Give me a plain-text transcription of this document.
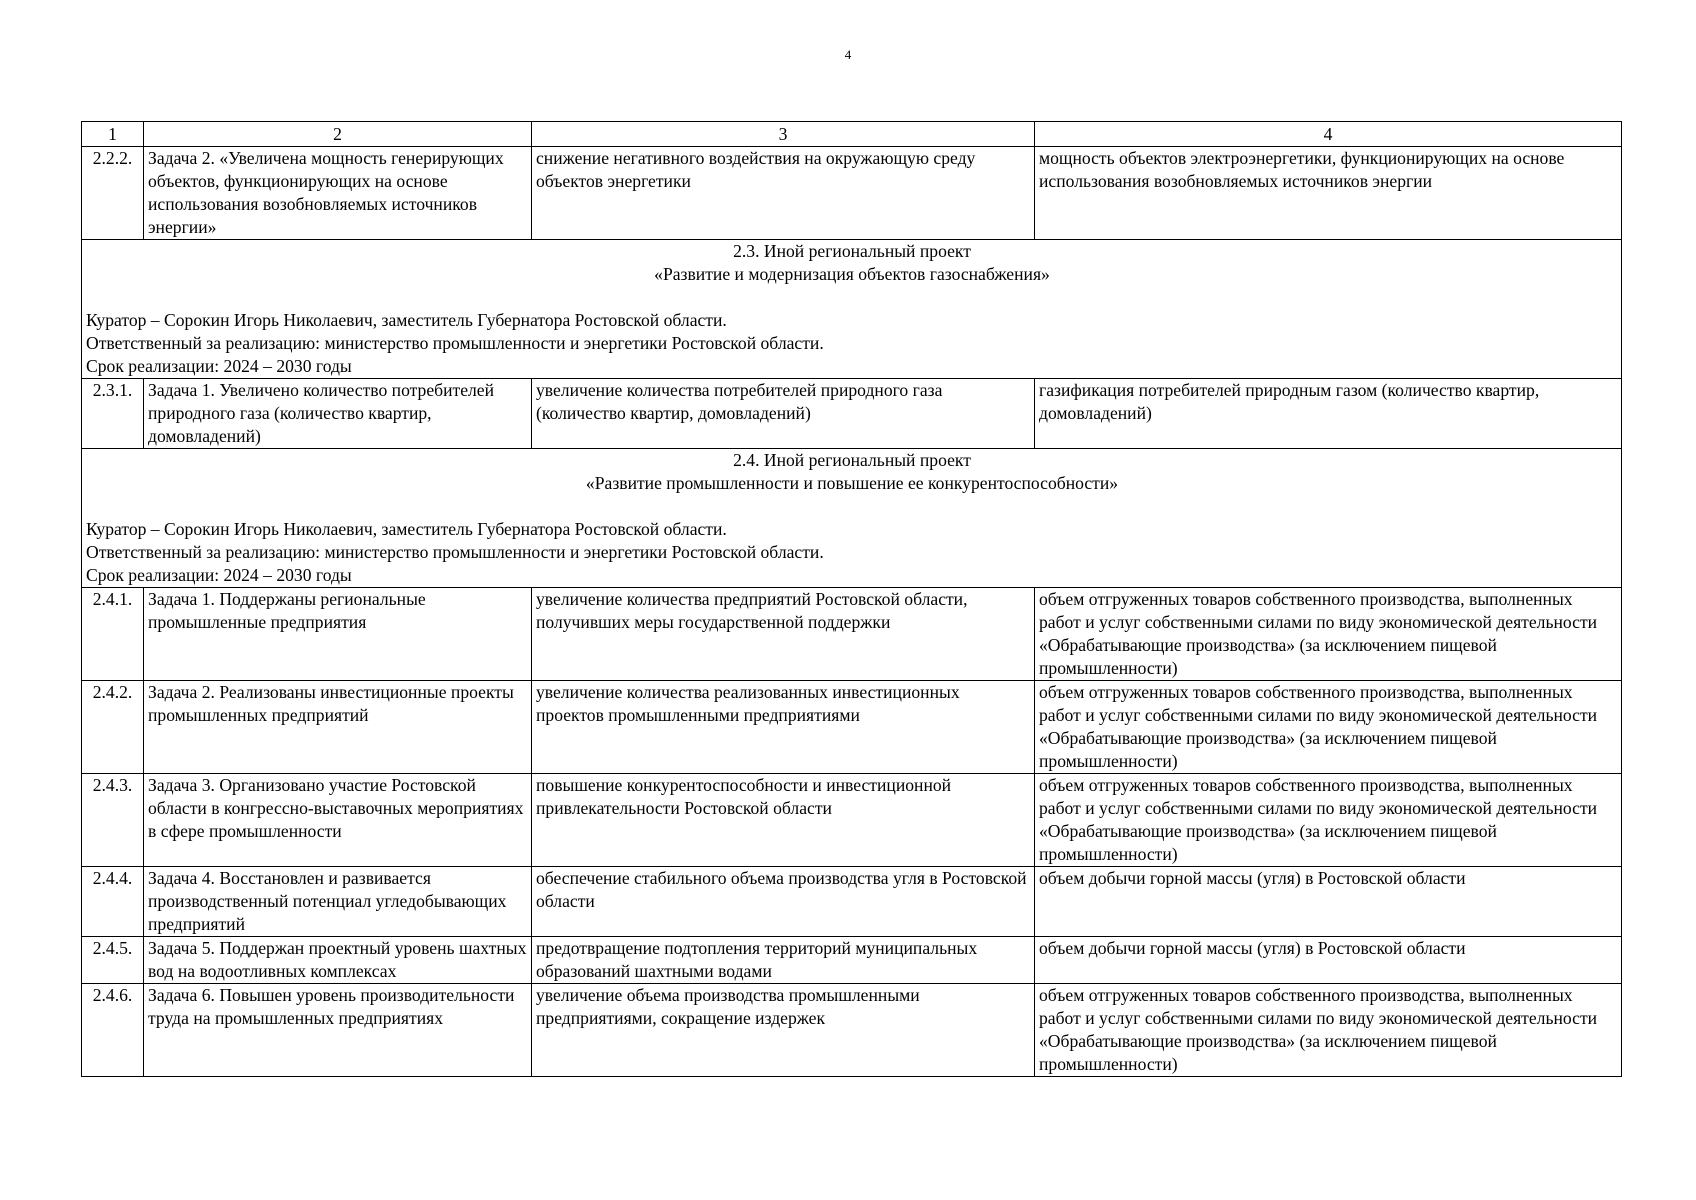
4
1	2	3	4
2.2.2.	Задача 2. «Увеличена мощность генерирующих объектов, функционирующих на основе использования возобновляемых источников энергии»	снижение негативного воздействия на окружающую среду объектов энергетики	мощность объектов электроэнергетики, функционирующих на основе использования возобновляемых источников энергии

2.3. Иной региональный проект
«Развитие и модернизация объектов газоснабжения»
Куратор – Сорокин Игорь Николаевич, заместитель Губернатора Ростовской области.
Ответственный за реализацию: министерство промышленности и энергетики Ростовской области.
Срок реализации: 2024 – 2030 годы			

2.3.1.	Задача 1. Увеличено количество потребителей природного газа (количество квартир, домовладений)	увеличение количества потребителей природного газа (количество квартир, домовладений)	газификация потребителей природным газом (количество квартир, домовладений)

2.4. Иной региональный проект
«Развитие промышленности и повышение ее конкурентоспособности»
Куратор – Сорокин Игорь Николаевич, заместитель Губернатора Ростовской области.
Ответственный за реализацию: министерство промышленности и энергетики Ростовской области.
Срок реализации: 2024 – 2030 годы			

2.4.1.	Задача 1. Поддержаны региональные промышленные предприятия	увеличение количества предприятий Ростовской области, получивших меры государственной поддержки	объем отгруженных товаров собственного производства, выполненных работ и услуг собственными силами по виду экономической деятельности «Обрабатывающие производства» (за исключением пищевой промышленности)
2.4.2.	Задача 2. Реализованы инвестиционные проекты промышленных предприятий	увеличение количества реализованных инвестиционных проектов промышленными предприятиями	объем отгруженных товаров собственного производства, выполненных работ и услуг собственными силами по виду экономической деятельности «Обрабатывающие производства» (за исключением пищевой промышленности)
2.4.3.	Задача 3. Организовано участие Ростовской области в конгрессно-выставочных мероприятиях в сфере промышленности	повышение конкурентоспособности и инвестиционной привлекательности Ростовской области	объем отгруженных товаров собственного производства, выполненных работ и услуг собственными силами по виду экономической деятельности «Обрабатывающие производства» (за исключением пищевой промышленности)
2.4.4.	Задача 4. Восстановлен и развивается производственный потенциал угледобывающих предприятий	обеспечение стабильного объема производства угля в Ростовской области	объем добычи горной массы (угля) в Ростовской области
2.4.5.	Задача 5. Поддержан проектный уровень шахтных вод на водоотливных комплексах	предотвращение подтопления территорий муниципальных образований шахтными водами	объем добычи горной массы (угля) в Ростовской области
2.4.6.	Задача 6. Повышен уровень производительности труда на промышленных предприятиях	увеличение объема производства промышленными предприятиями, сокращение издержек	объем отгруженных товаров собственного производства, выполненных работ и услуг собственными силами по виду экономической деятельности «Обрабатывающие производства» (за исключением пищевой промышленности)
